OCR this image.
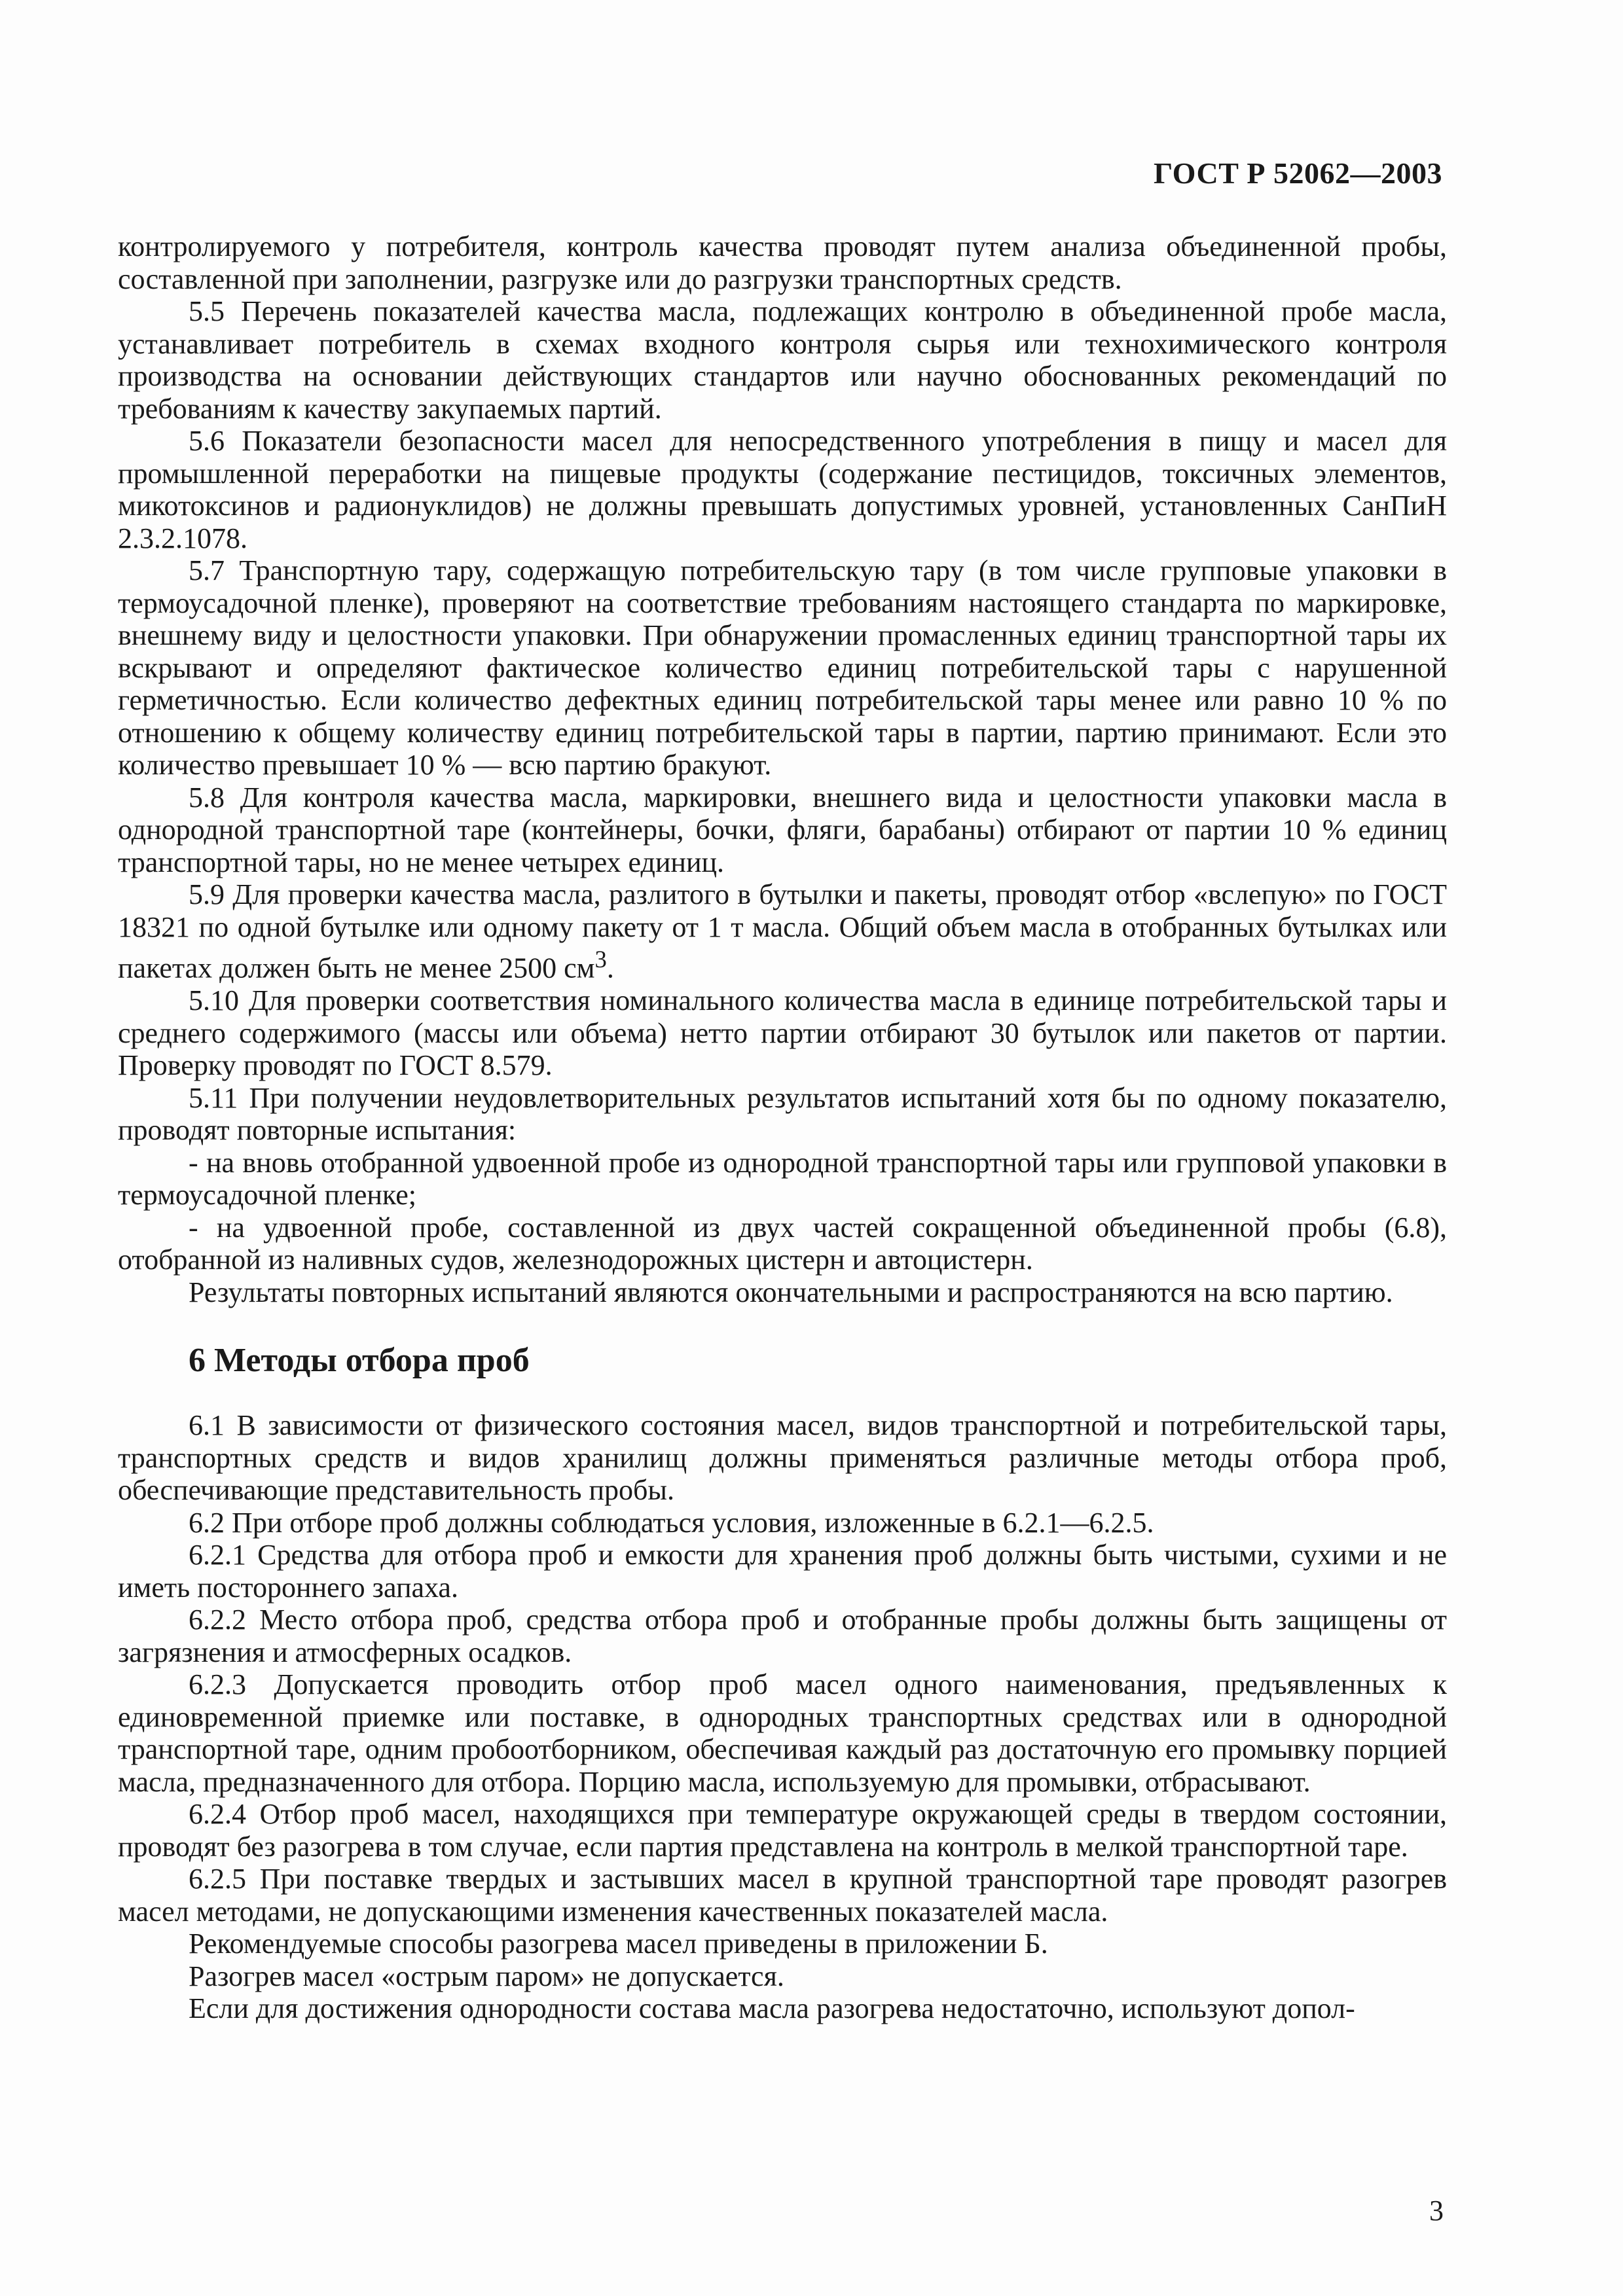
ГОСТ Р 52062—2003

контролируемого у потребителя, контроль качества проводят путем анализа объединенной пробы, составленной при заполнении, разгрузке или до разгрузки транспортных средств.

5.5 Перечень показателей качества масла, подлежащих контролю в объединенной пробе масла, устанавливает потребитель в схемах входного контроля сырья или технохимического контроля производства на основании действующих стандартов или научно обоснованных рекомендаций по требованиям к качеству закупаемых партий.

5.6 Показатели безопасности масел для непосредственного употребления в пищу и масел для промышленной переработки на пищевые продукты (содержание пестицидов, токсичных элементов, микотоксинов и радионуклидов) не должны превышать допустимых уровней, установленных СанПиН 2.3.2.1078.

5.7 Транспортную тару, содержащую потребительскую тару (в том числе групповые упаковки в термоусадочной пленке), проверяют на соответствие требованиям настоящего стандарта по маркировке, внешнему виду и целостности упаковки. При обнаружении промасленных единиц транспортной тары их вскрывают и определяют фактическое количество единиц потребительской тары с нарушенной герметичностью. Если количество дефектных единиц потребительской тары менее или равно 10 % по отношению к общему количеству единиц потребительской тары в партии, партию принимают. Если это количество превышает 10 % — всю партию бракуют.

5.8 Для контроля качества масла, маркировки, внешнего вида и целостности упаковки масла в однородной транспортной таре (контейнеры, бочки, фляги, барабаны) отбирают от партии 10 % единиц транспортной тары, но не менее четырех единиц.

5.9 Для проверки качества масла, разлитого в бутылки и пакеты, проводят отбор «вслепую» по ГОСТ 18321 по одной бутылке или одному пакету от 1 т масла. Общий объем масла в отобранных бутылках или пакетах должен быть не менее 2500 $см^3$.

5.10 Для проверки соответствия номинального количества масла в единице потребительской тары и среднего содержимого (массы или объема) нетто партии отбирают 30 бутылок или пакетов от партии. Проверку проводят по ГОСТ 8.579.

5.11 При получении неудовлетворительных результатов испытаний хотя бы по одному показателю, проводят повторные испытания:

- на вновь отобранной удвоенной пробе из однородной транспортной тары или групповой упаковки в термоусадочной пленке;

- на удвоенной пробе, составленной из двух частей сокращенной объединенной пробы (6.8), отобранной из наливных судов, железнодорожных цистерн и автоцистерн.

Результаты повторных испытаний являются окончательными и распространяются на всю партию.

6 Методы отбора проб

6.1 В зависимости от физического состояния масел, видов транспортной и потребительской тары, транспортных средств и видов хранилищ должны применяться различные методы отбора проб, обеспечивающие представительность пробы.

6.2 При отборе проб должны соблюдаться условия, изложенные в 6.2.1—6.2.5.

6.2.1 Средства для отбора проб и емкости для хранения проб должны быть чистыми, сухими и не иметь постороннего запаха.

6.2.2 Место отбора проб, средства отбора проб и отобранные пробы должны быть защищены от загрязнения и атмосферных осадков.

6.2.3 Допускается проводить отбор проб масел одного наименования, предъявленных к единовременной приемке или поставке, в однородных транспортных средствах или в однородной транспортной таре, одним пробоотборником, обеспечивая каждый раз достаточную его промывку порцией масла, предназначенного для отбора. Порцию масла, используемую для промывки, отбрасывают.

6.2.4 Отбор проб масел, находящихся при температуре окружающей среды в твердом состоянии, проводят без разогрева в том случае, если партия представлена на контроль в мелкой транспортной таре.

6.2.5 При поставке твердых и застывших масел в крупной транспортной таре проводят разогрев масел методами, не допускающими изменения качественных показателей масла.

Рекомендуемые способы разогрева масел приведены в приложении Б.

Разогрев масел «острым паром» не допускается.

Если для достижения однородности состава масла разогрева недостаточно, используют допол-

3
